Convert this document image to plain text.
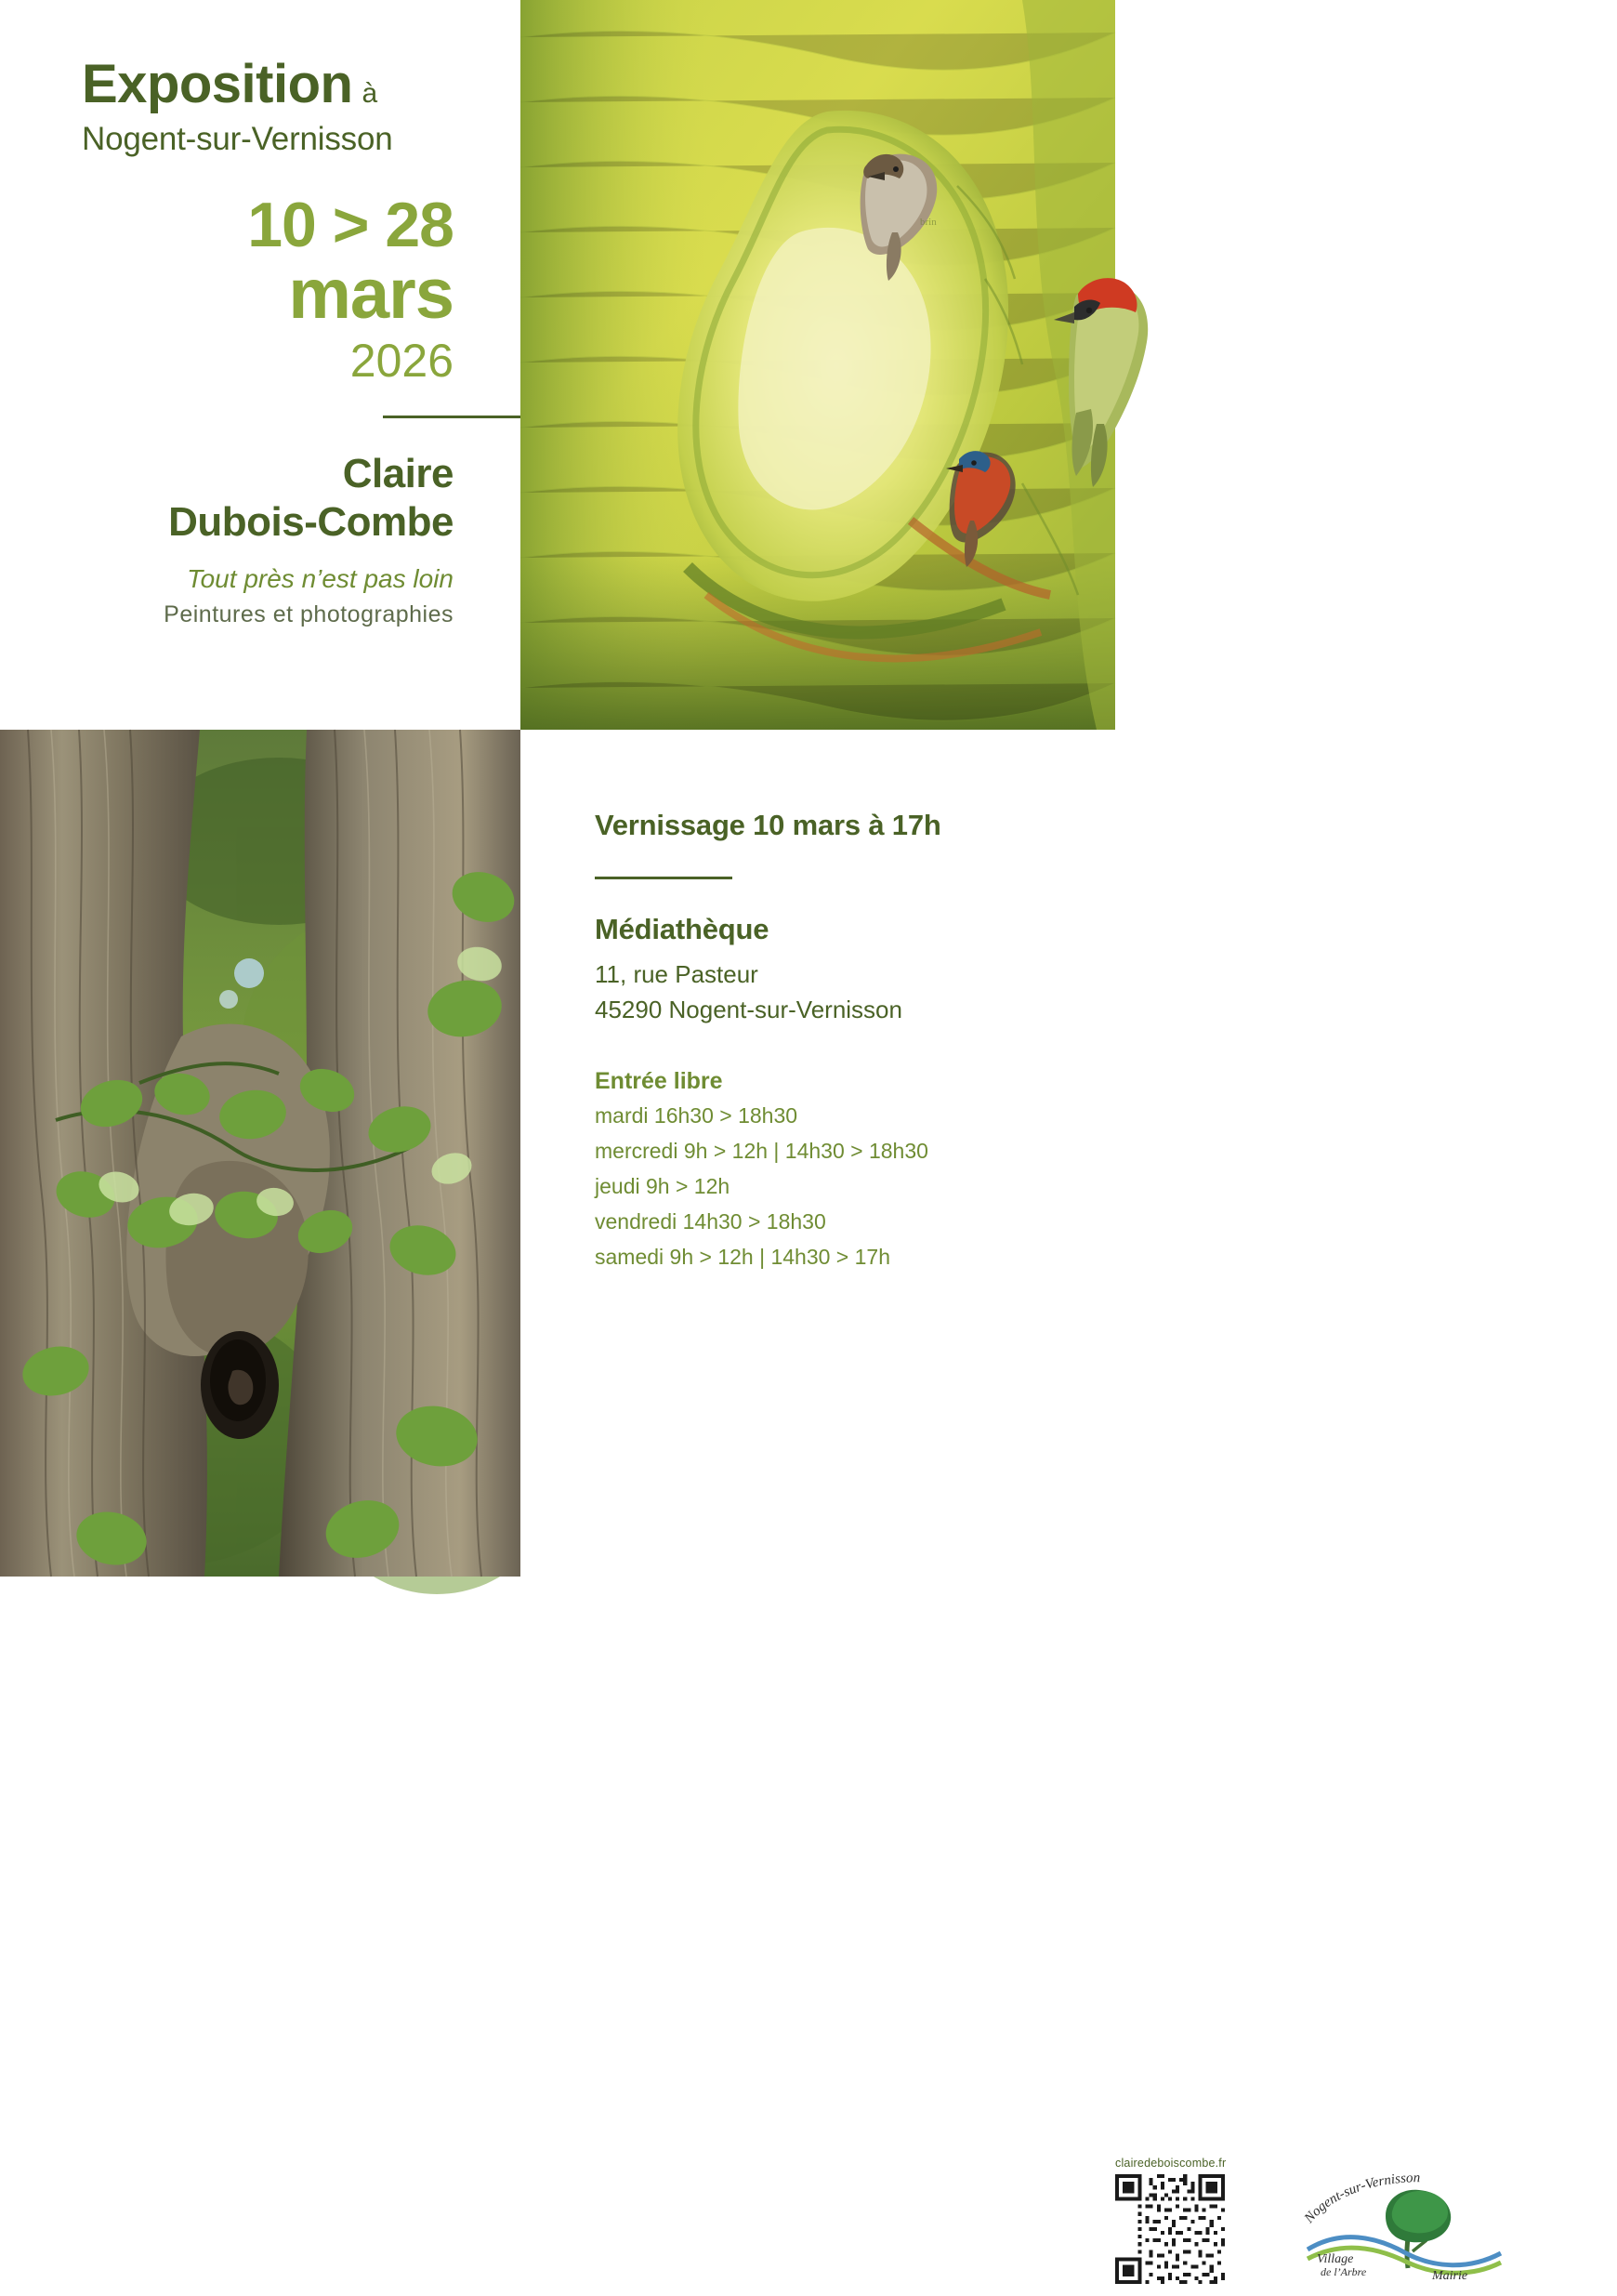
Exposition à
Nogent-sur-Vernisson
10 > 28
mars
2026
Claire
Dubois-Combe
Tout près n’est pas loin
Peintures et photographies
brin
Vernissage 10 mars à 17h
Médiathèque
11, rue Pasteur
45290 Nogent-sur-Vernisson
Entrée libre
mardi 16h30 > 18h30
mercredi 9h > 12h | 14h30 > 18h30
jeudi 9h > 12h
vendredi 14h30 > 18h30
samedi 9h > 12h | 14h30 > 17h
clairedeboiscombe.fr
Nogent-sur-Vernisson
Village
de l’Arbre	Mairie
